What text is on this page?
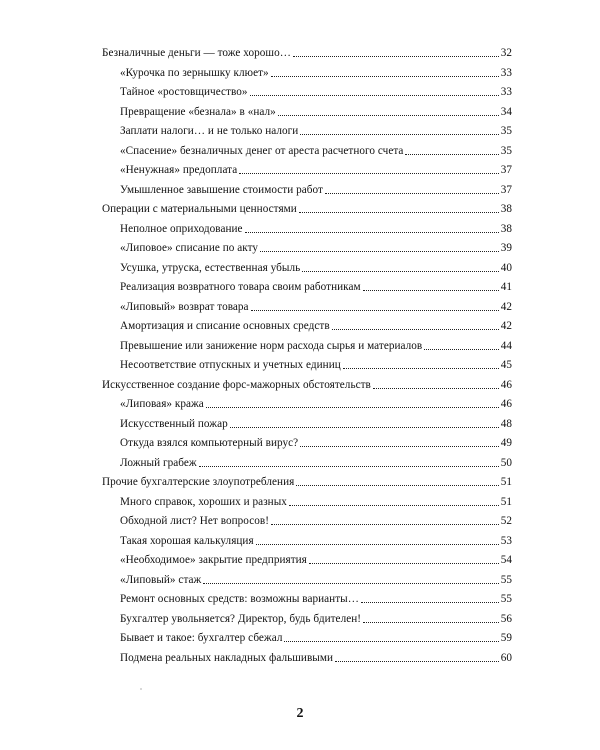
Безналичные деньги — тоже хорошо…	32
«Курочка по зернышку клюет»	33
Тайное «ростовщичество»	33
Превращение «безнала» в «нал»	34
Заплати налоги… и не только налоги	35
«Спасение» безналичных денег от ареста расчетного счета	35
«Ненужная» предоплата	37
Умышленное завышение стоимости работ	37
Операции с материальными ценностями	38
Неполное оприходование	38
«Липовое» списание по акту	39
Усушка, утруска, естественная убыль	40
Реализация возвратного товара своим работникам	41
«Липовый» возврат товара	42
Амортизация и списание основных средств	42
Превышение или занижение норм расхода сырья и материалов	44
Несоответствие отпускных и учетных единиц	45
Искусственное создание форс-мажорных обстоятельств	46
«Липовая» кража	46
Искусственный пожар	48
Откуда взялся компьютерный вирус?	49
Ложный грабеж	50
Прочие бухгалтерские злоупотребления	51
Много справок, хороших и разных	51
Обходной лист? Нет вопросов!	52
Такая хорошая калькуляция	53
«Необходимое» закрытие предприятия	54
«Липовый» стаж	55
Ремонт основных средств: возможны варианты…	55
Бухгалтер увольняется? Директор, будь бдителен!	56
Бывает и такое: бухгалтер сбежал	59
Подмена реальных накладных фальшивыми	60
2
